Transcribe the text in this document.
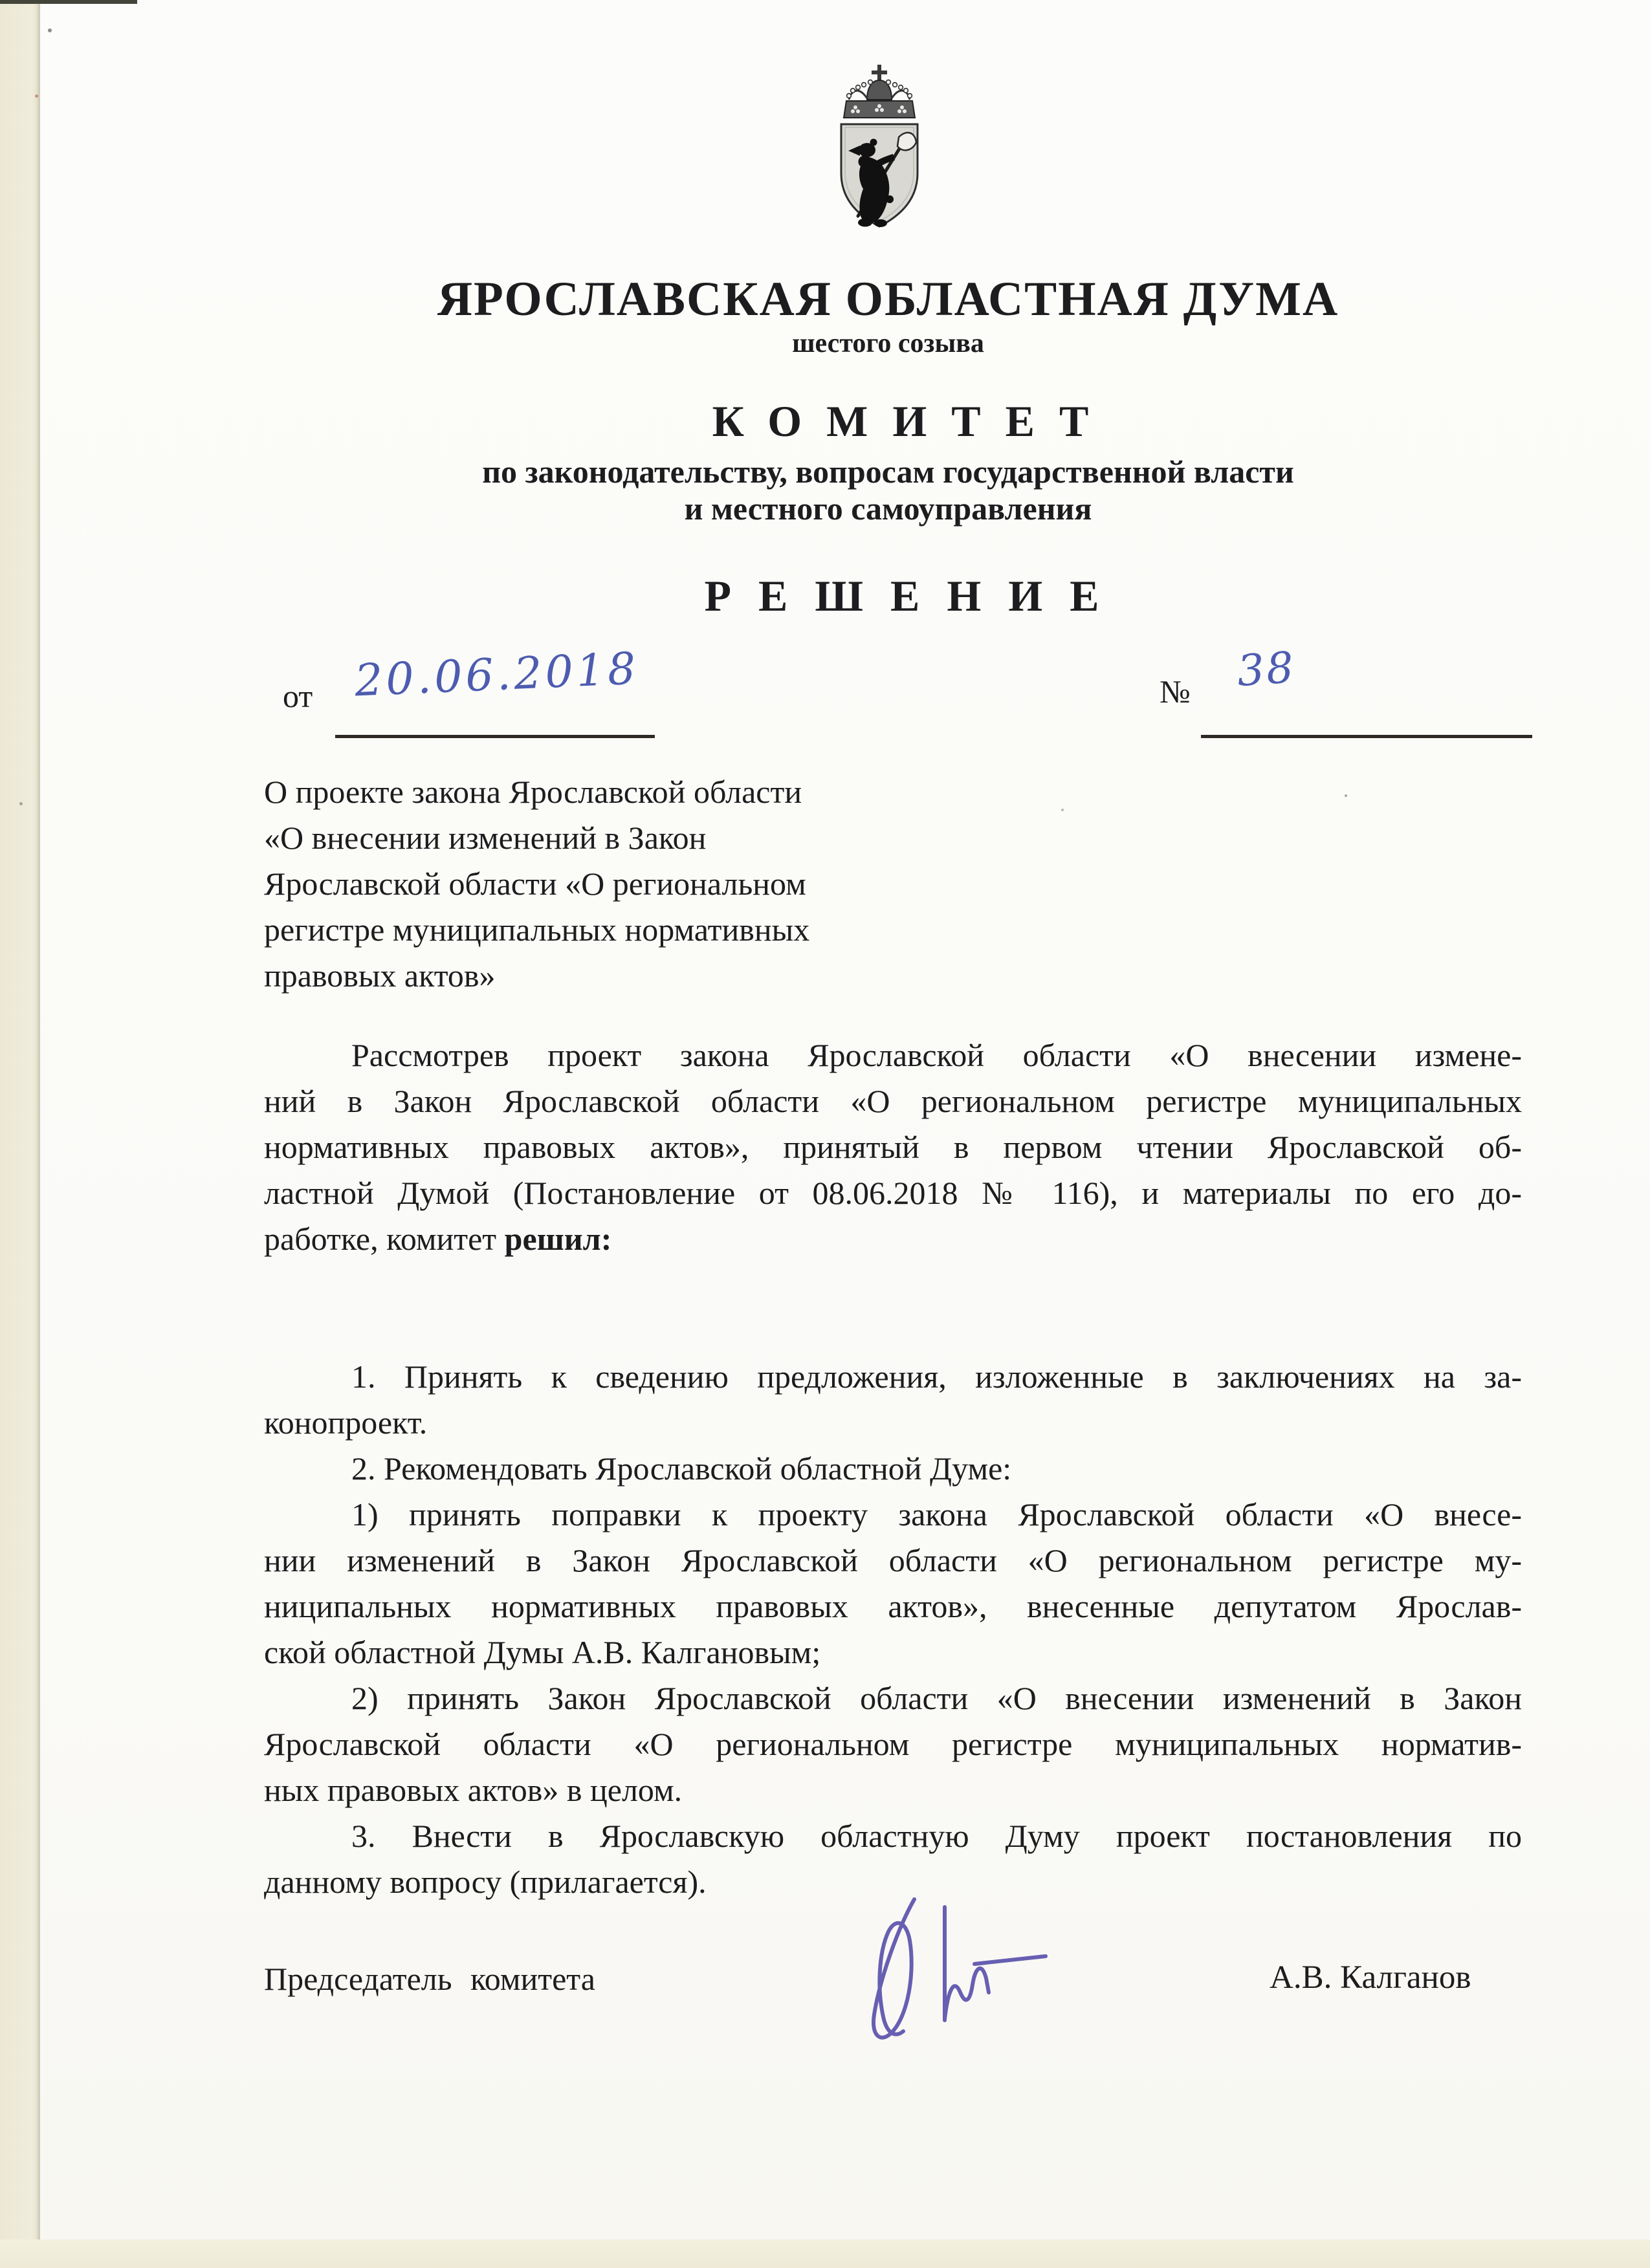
ЯРОСЛАВСКАЯ ОБЛАСТНАЯ ДУМА
шестого созыва
КОМИТЕТ
по законодательству, вопросам государственной власти
и местного самоуправления
РЕШЕНИЕ
от 20.06.2018	№ 38
О проекте закона Ярославской области
«О внесении изменений в Закон
Ярославской области «О региональном
регистре муниципальных нормативных
правовых актов»
Рассмотрев проект закона Ярославской области «О внесении измене-
ний в Закон Ярославской области «О региональном регистре муниципальных
нормативных правовых актов», принятый в первом чтении Ярославской об-
ластной Думой (Постановление от 08.06.2018 № 116), и материалы по его до-
работке, комитет решил:
1. Принять к сведению предложения, изложенные в заключениях на за-
конопроект.
2. Рекомендовать Ярославской областной Думе:
1) принять поправки к проекту закона Ярославской области «О внесе-
нии изменений в Закон Ярославской области «О региональном регистре му-
ниципальных нормативных правовых актов», внесенные депутатом Ярослав-
ской областной Думы А.В. Калгановым;
2) принять Закон Ярославской области «О внесении изменений в Закон
Ярославской области «О региональном регистре муниципальных норматив-
ных правовых актов» в целом.
3. Внести в Ярославскую областную Думу проект постановления по
данному вопросу (прилагается).
Председатель комитета	А.В. Калганов
